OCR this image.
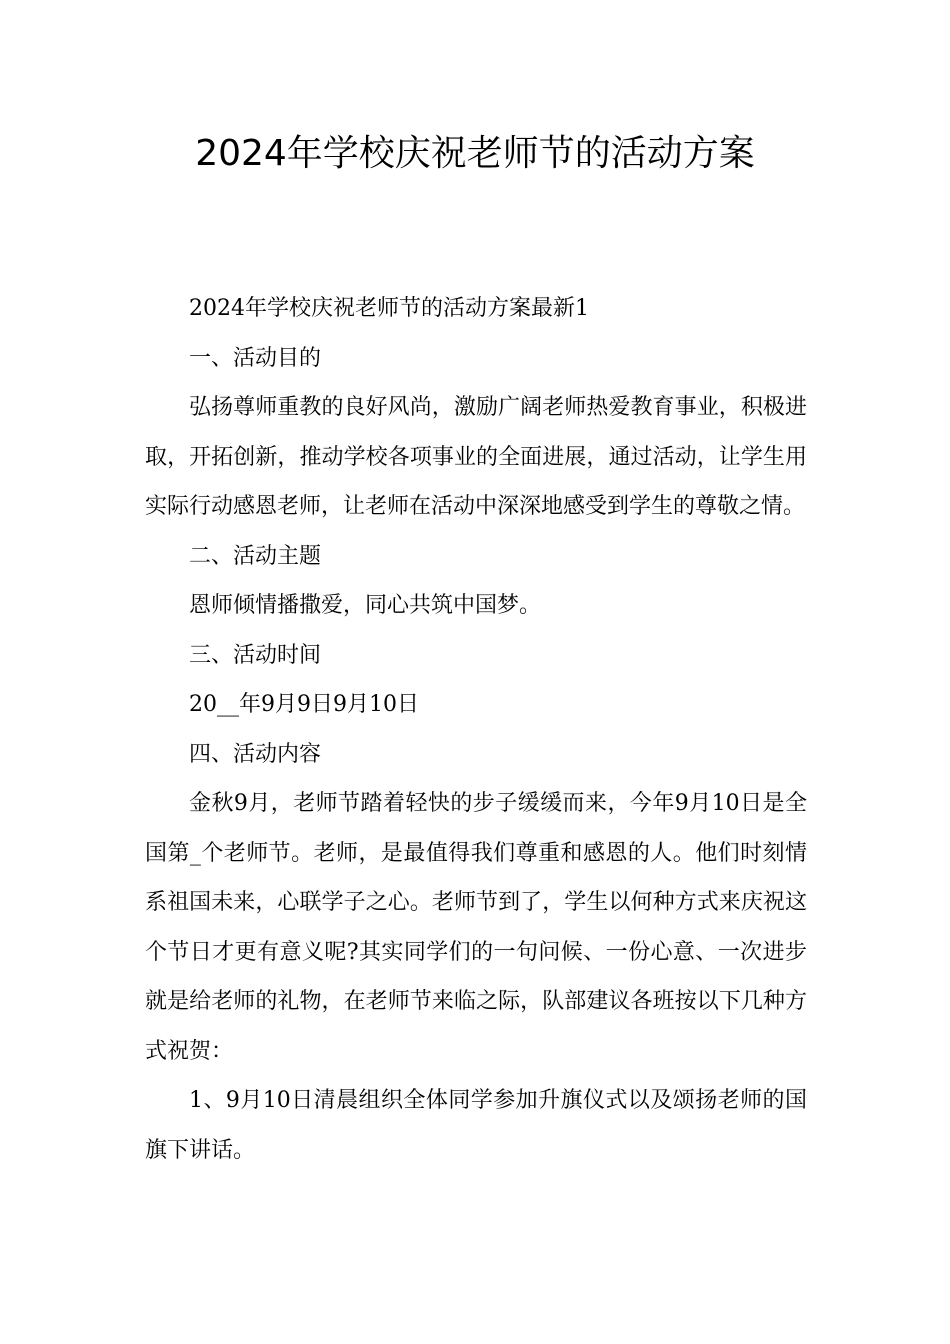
2024年学校庆祝老师节的活动方案

2024年学校庆祝老师节的活动方案最新1

一、活动目的

弘扬尊师重教的良好风尚，激励广阔老师热爱教育事业，积极进取，开拓创新，推动学校各项事业的全面进展，通过活动，让学生用实际行动感恩老师，让老师在活动中深深地感受到学生的尊敬之情。

二、活动主题

恩师倾情播撒爱，同心共筑中国梦。

三、活动时间

20__年9月9日9月10日

四、活动内容

金秋9月，老师节踏着轻快的步子缓缓而来，今年9月10日是全国第_个老师节。老师，是最值得我们尊重和感恩的人。他们时刻情系祖国未来，心联学子之心。老师节到了，学生以何种方式来庆祝这个节日才更有意义呢?其实同学们的一句问候、一份心意、一次进步就是给老师的礼物，在老师节来临之际，队部建议各班按以下几种方式祝贺：

1、9月10日清晨组织全体同学参加升旗仪式以及颂扬老师的国旗下讲话。
